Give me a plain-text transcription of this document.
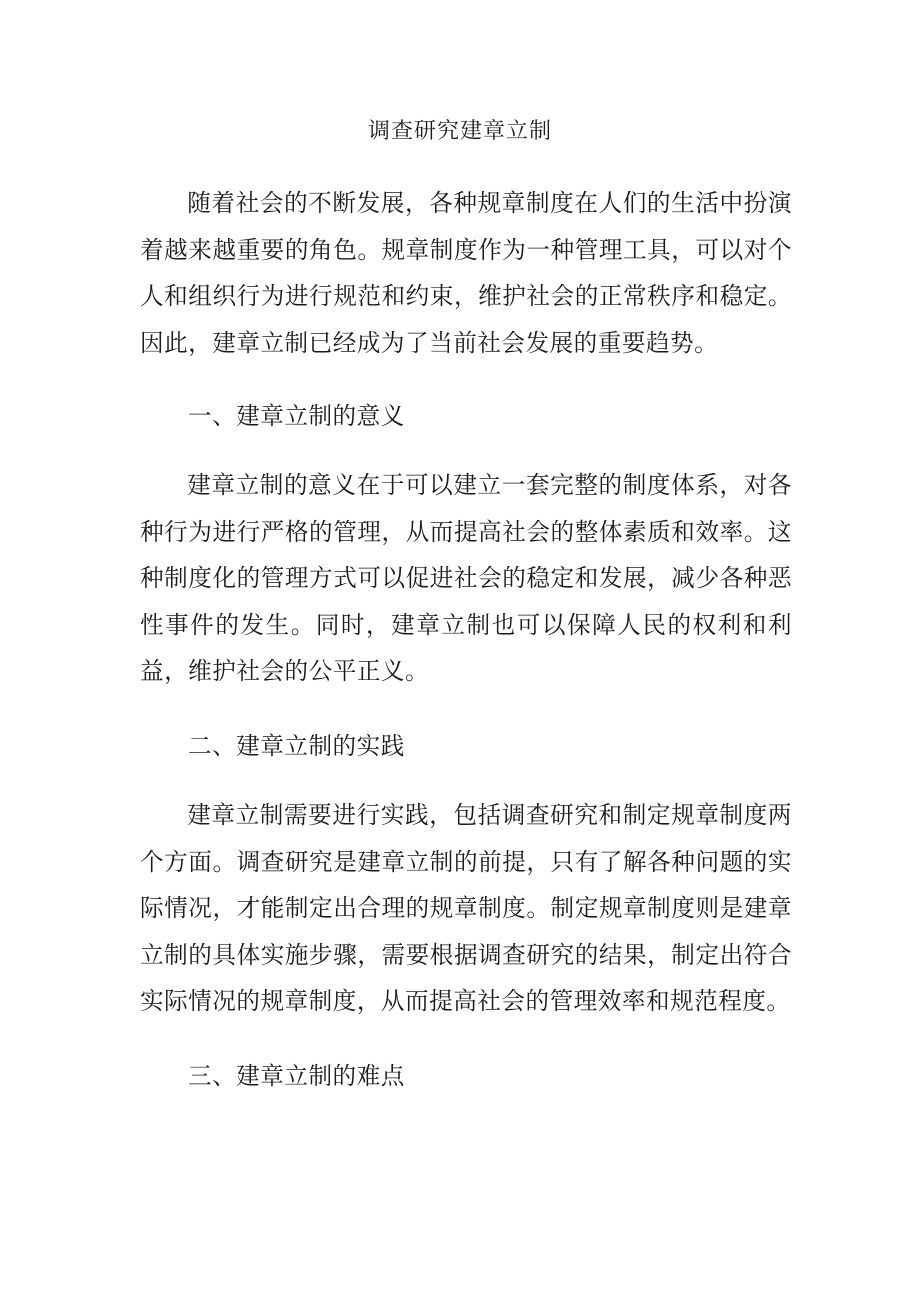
调查研究建章立制

随着社会的不断发展，各种规章制度在人们的生活中扮演着越来越重要的角色。规章制度作为一种管理工具，可以对个人和组织行为进行规范和约束，维护社会的正常秩序和稳定。因此，建章立制已经成为了当前社会发展的重要趋势。

一、建章立制的意义

建章立制的意义在于可以建立一套完整的制度体系，对各种行为进行严格的管理，从而提高社会的整体素质和效率。这种制度化的管理方式可以促进社会的稳定和发展，减少各种恶性事件的发生。同时，建章立制也可以保障人民的权利和利益，维护社会的公平正义。

二、建章立制的实践

建章立制需要进行实践，包括调查研究和制定规章制度两个方面。调查研究是建章立制的前提，只有了解各种问题的实际情况，才能制定出合理的规章制度。制定规章制度则是建章立制的具体实施步骤，需要根据调查研究的结果，制定出符合实际情况的规章制度，从而提高社会的管理效率和规范程度。

三、建章立制的难点
